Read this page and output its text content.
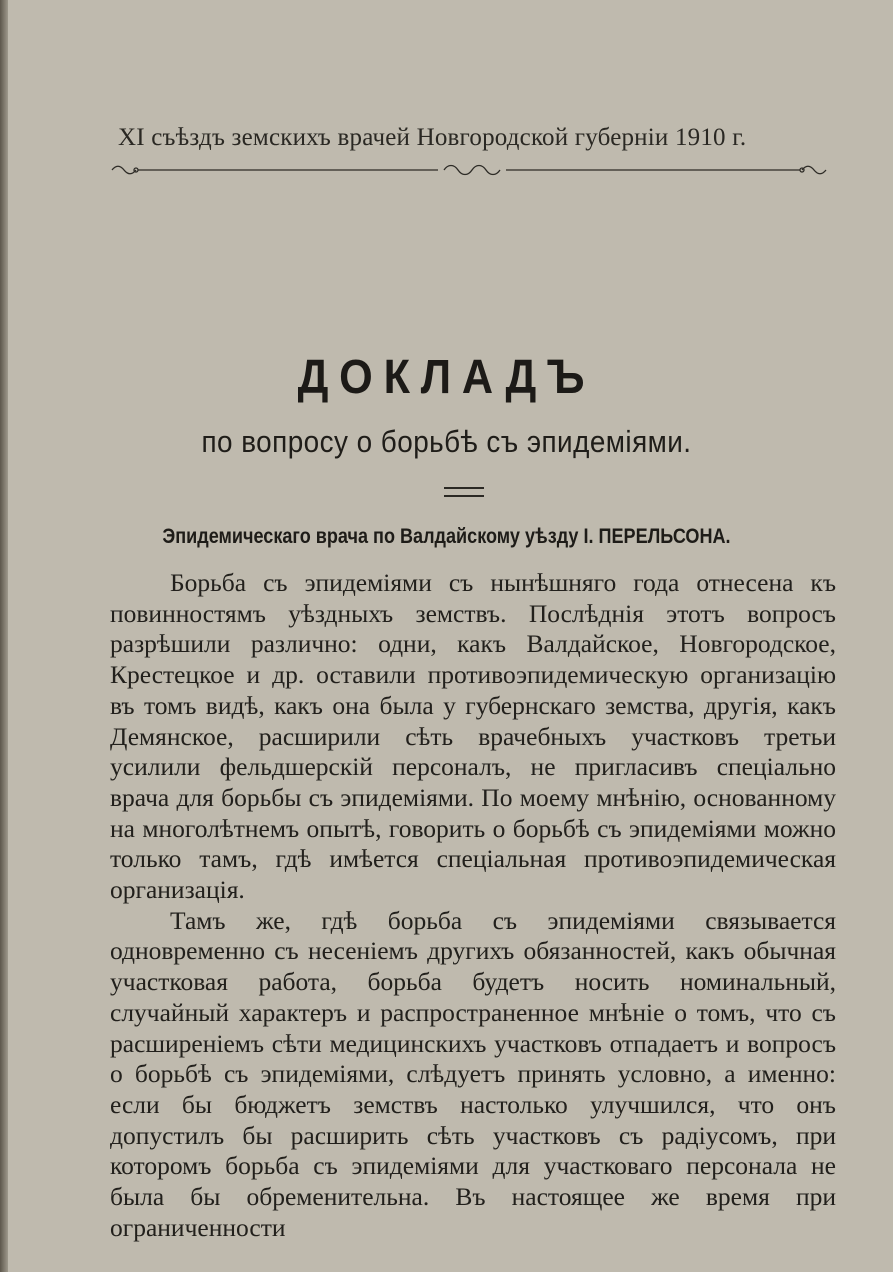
XI съѣздъ земскихъ врачей Новгородской губерніи 1910 г.
ДОКЛАДЪ
по вопросу о борьбѣ съ эпидеміями.
Эпидемическаго врача по Валдайскому уѣзду І. ПЕРЕЛЬСОНА.

Борьба съ эпидеміями съ нынѣшняго года отнесена къ повинностямъ уѣздныхъ земствъ. Послѣднія этотъ вопросъ разрѣшили различно: одни, какъ Валдайское, Новгородское, Крестецкое и др. оставили противоэпидемическую организацію въ томъ видѣ, какъ она была у губернскаго земства, другія, какъ Демянское, расширили сѣть врачебныхъ участковъ третьи усилили фельдшерскій персоналъ, не пригласивъ спеціально врача для борьбы съ эпидеміями. По моему мнѣнію, основанному на многолѣтнемъ опытѣ, говорить о борьбѣ съ эпидеміями можно только тамъ, гдѣ имѣется спеціальная противоэпидемическая организація.

Тамъ же, гдѣ борьба съ эпидеміями связывается одновременно съ несеніемъ другихъ обязанностей, какъ обычная участковая работа, борьба будетъ носить номинальный, случайный характеръ и распространенное мнѣніе о томъ, что съ расширеніемъ сѣти медицинскихъ участковъ отпадаетъ и вопросъ о борьбѣ съ эпидеміями, слѣдуетъ принять условно, а именно: если бы бюджетъ земствъ настолько улучшился, что онъ допустилъ бы расширить сѣть участковъ съ радіусомъ, при которомъ борьба съ эпидеміями для участковаго персонала не была бы обременительна. Въ настоящее же время при ограниченности
